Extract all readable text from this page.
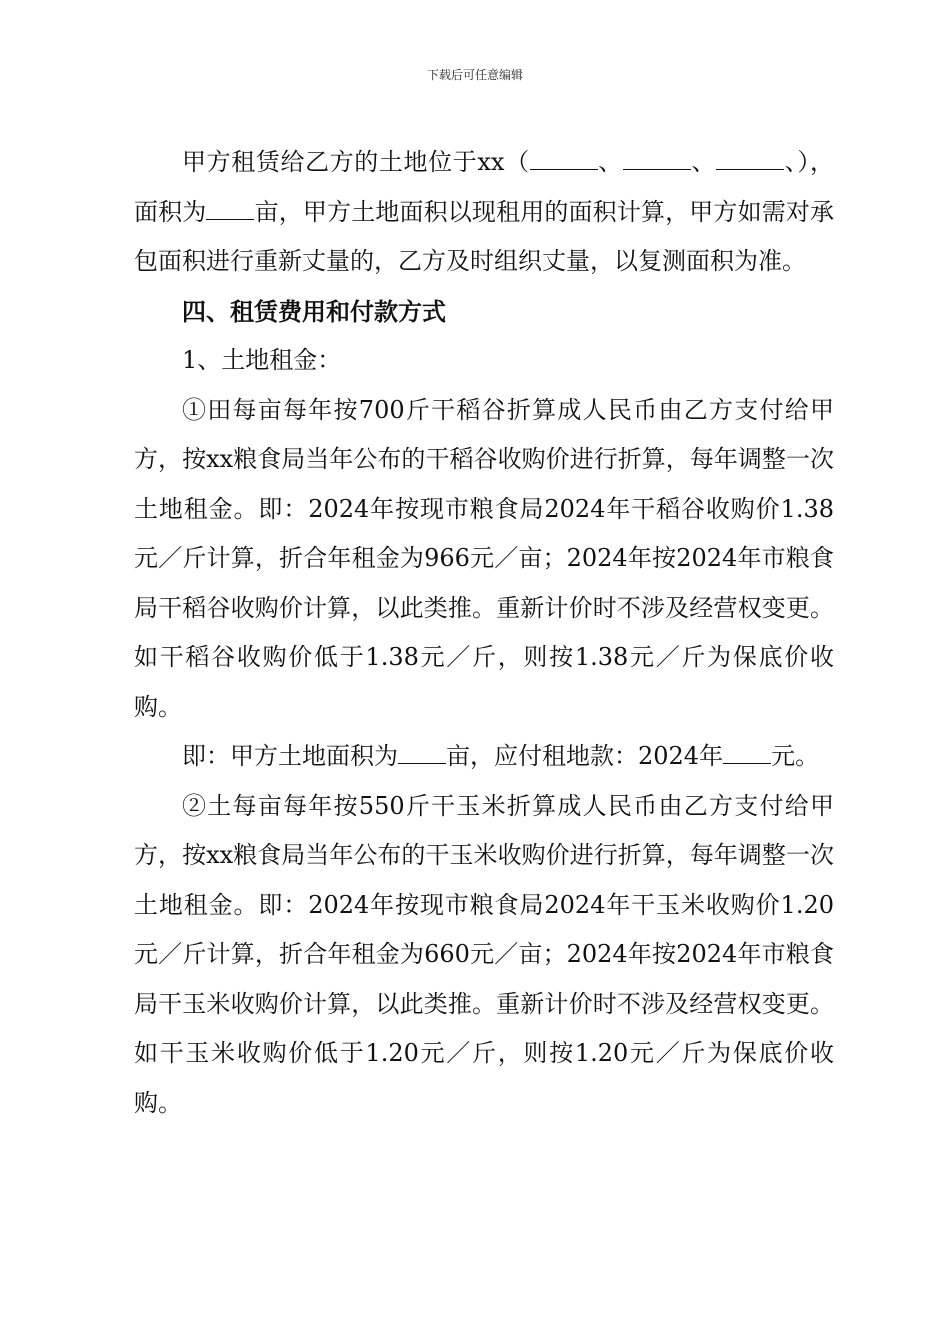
下载后可任意编辑

甲方租赁给乙方的土地位于xx（	、	、	、），面积为 亩，甲方土地面积以现租用的面积计算，甲方如需对承包面积进行重新丈量的，乙方及时组织丈量，以复测面积为准。

四、租赁费用和付款方式

1、土地租金：

①田每亩每年按700斤干稻谷折算成人民币由乙方支付给甲方，按xx粮食局当年公布的干稻谷收购价进行折算，每年调整一次土地租金。即：2024年按现市粮食局2024年干稻谷收购价1.38元／斤计算，折合年租金为966元／亩；2024年按2024年市粮食局干稻谷收购价计算，以此类推。重新计价时不涉及经营权变更。如干稻谷收购价低于1.38元／斤，则按1.38元／斤为保底价收购。

即：甲方土地面积为 亩，应付租地款：2024年 元。

②土每亩每年按550斤干玉米折算成人民币由乙方支付给甲方，按xx粮食局当年公布的干玉米收购价进行折算，每年调整一次土地租金。即：2024年按现市粮食局2024年干玉米收购价1.20元／斤计算，折合年租金为660元／亩；2024年按2024年市粮食局干玉米收购价计算，以此类推。重新计价时不涉及经营权变更。如干玉米收购价低于1.20元／斤，则按1.20元／斤为保底价收购。
